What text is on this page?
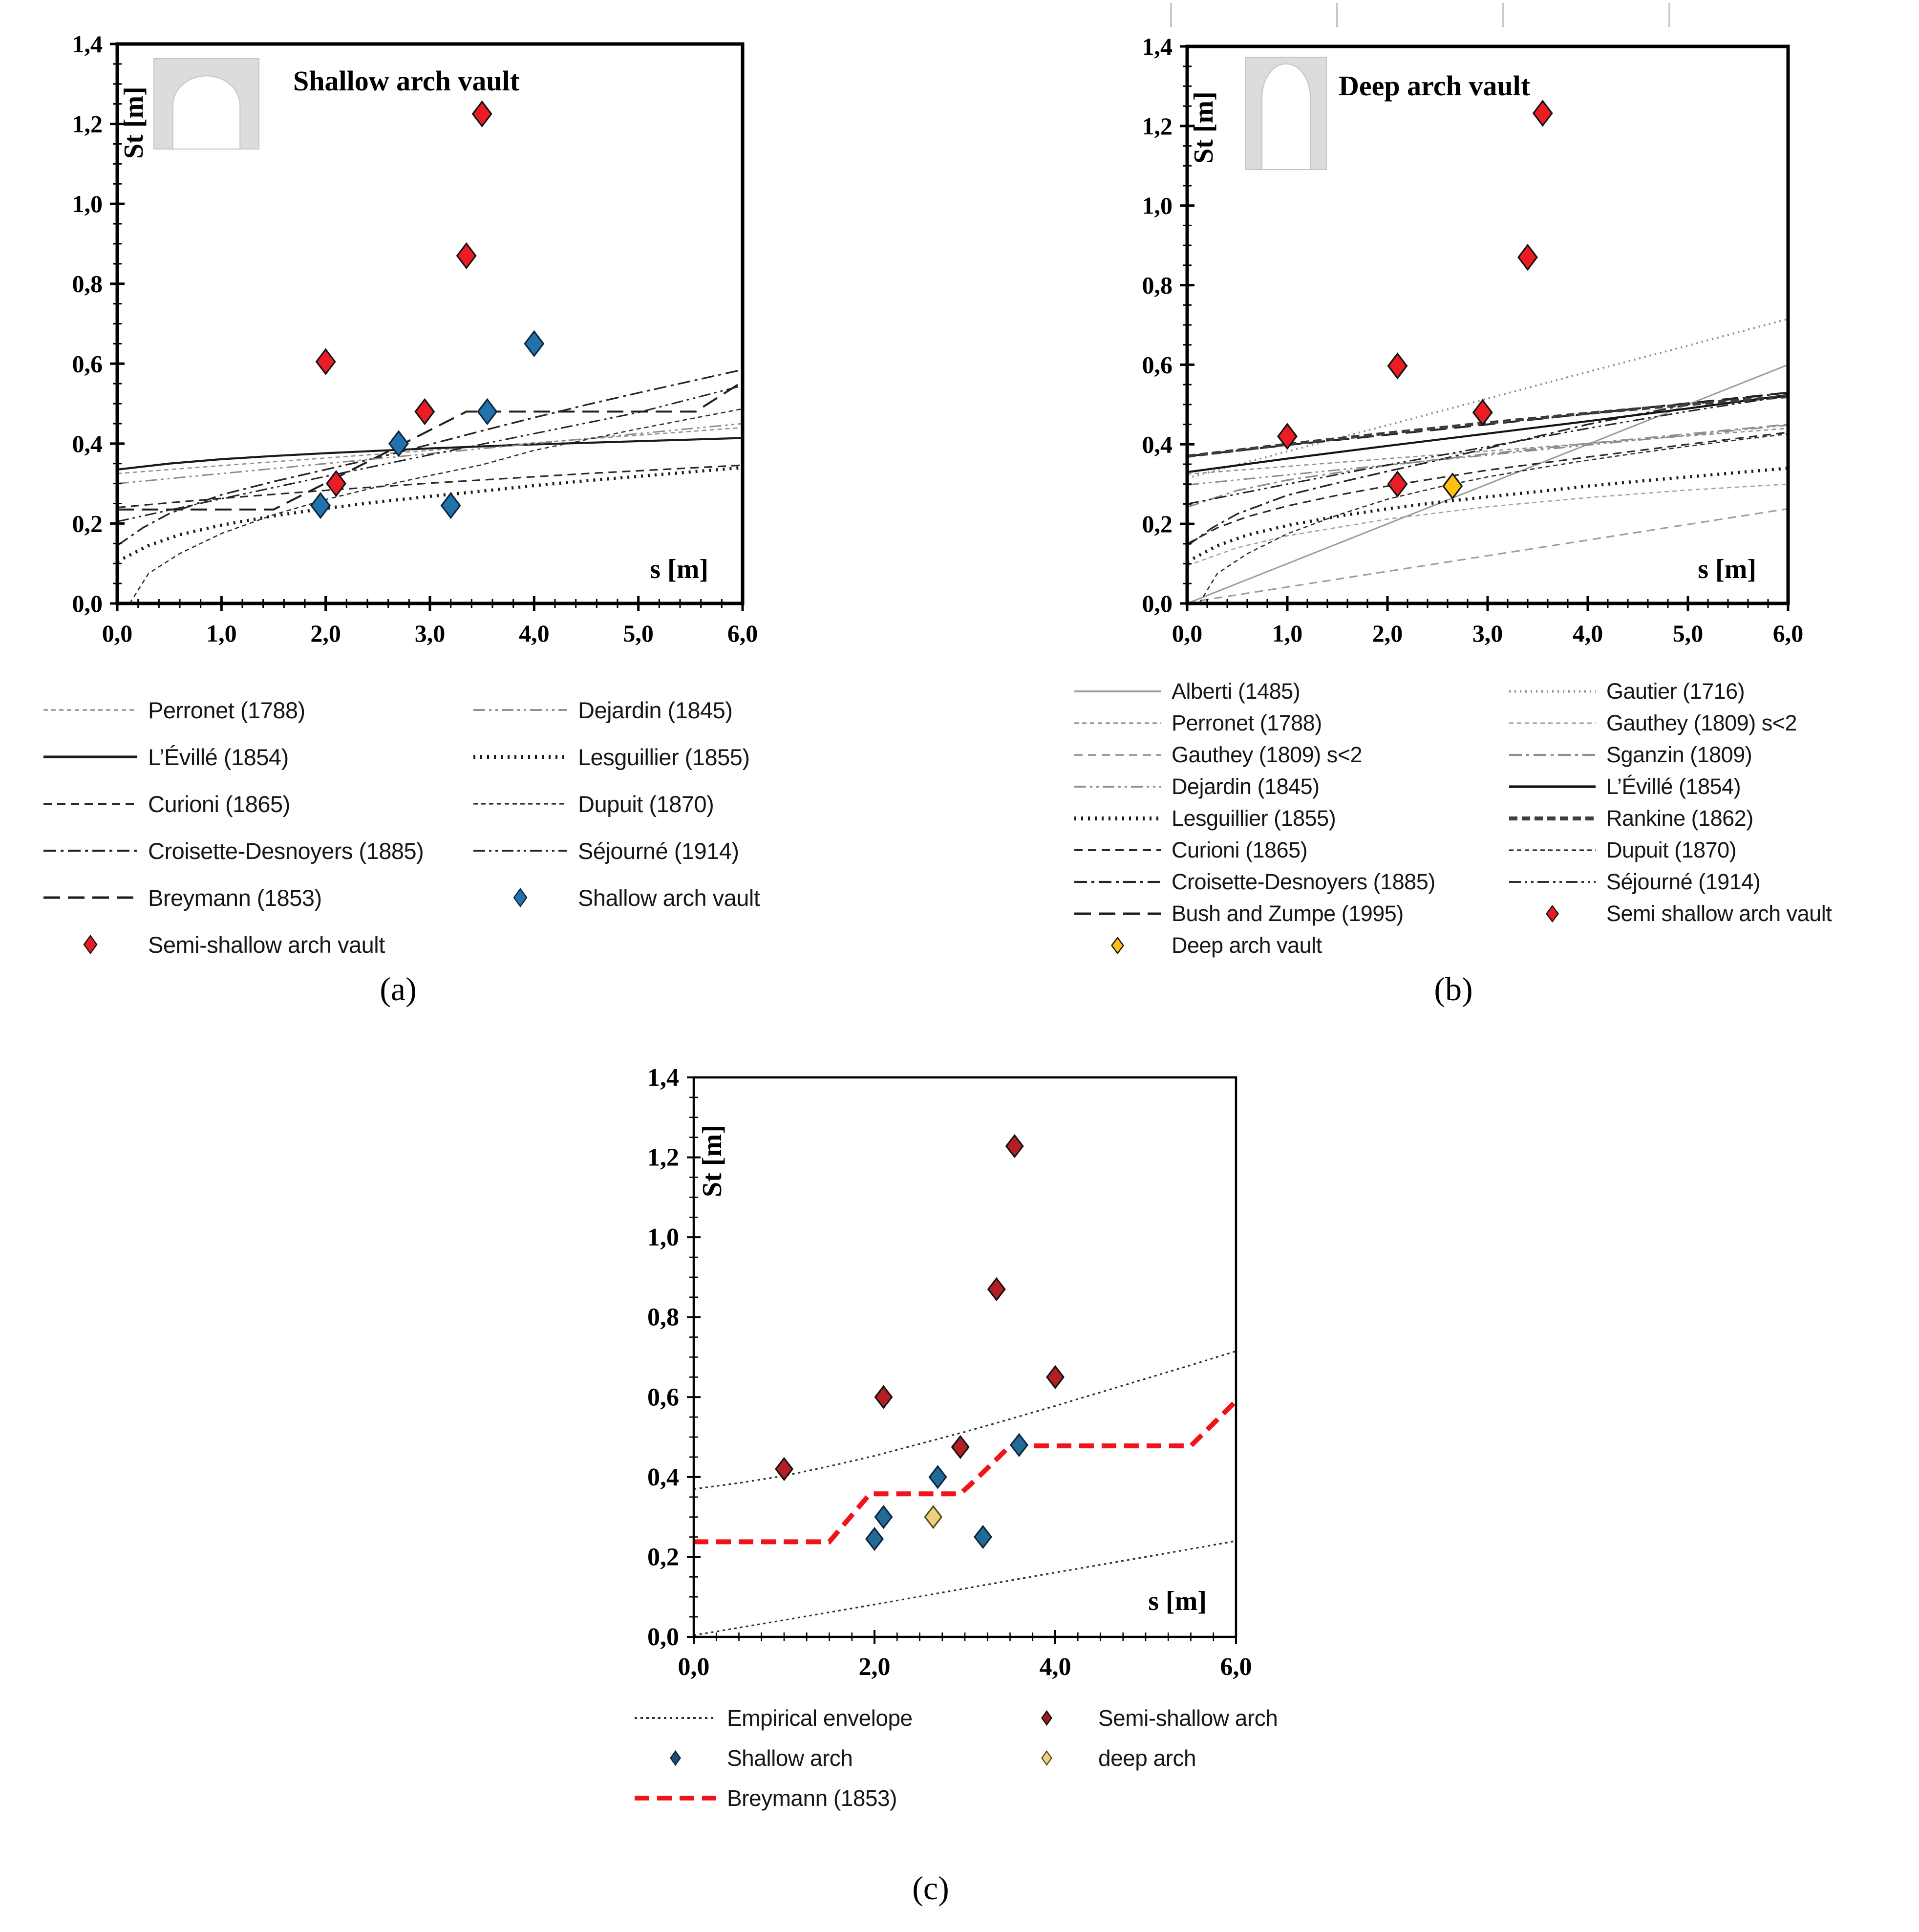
0,0	1,0	2,0	3,0	4,0	5,0	6,0
0,0
0,2
0,4
0,6
0,8
1,0
1,2
1,4
s [m]
St [m]
Shallow arch vault
Perronet (1788)	Dejardin (1845)
L’Évillé (1854)	Lesguillier (1855)
Curioni (1865)	Dupuit (1870)
Croisette-Desnoyers (1885)	Séjourné (1914)
Breymann (1853)	Shallow arch vault
Semi-shallow arch vault
(a)
0,0	1,0	2,0	3,0	4,0	5,0	6,0
0,0
0,2
0,4
0,6
0,8
1,0
1,2
1,4
s [m]
St [m]
Deep arch vault
Alberti (1485)	Gautier (1716)
Perronet (1788)	Gauthey (1809) s<2
Gauthey (1809) s<2	Sganzin (1809)
Dejardin (1845)	L’Évillé (1854)
Lesguillier (1855)	Rankine (1862)
Curioni (1865)	Dupuit (1870)
Croisette-Desnoyers (1885)	Séjourné (1914)
Bush and Zumpe (1995)	Semi shallow arch vault
Deep arch vault
(b)
0,0	2,0	4,0	6,0
0,0
0,2
0,4
0,6
0,8
1,0
1,2
1,4
s [m]
St [m]
Empirical envelope	Semi-shallow arch
Shallow arch	deep arch
Breymann (1853)
(c)
